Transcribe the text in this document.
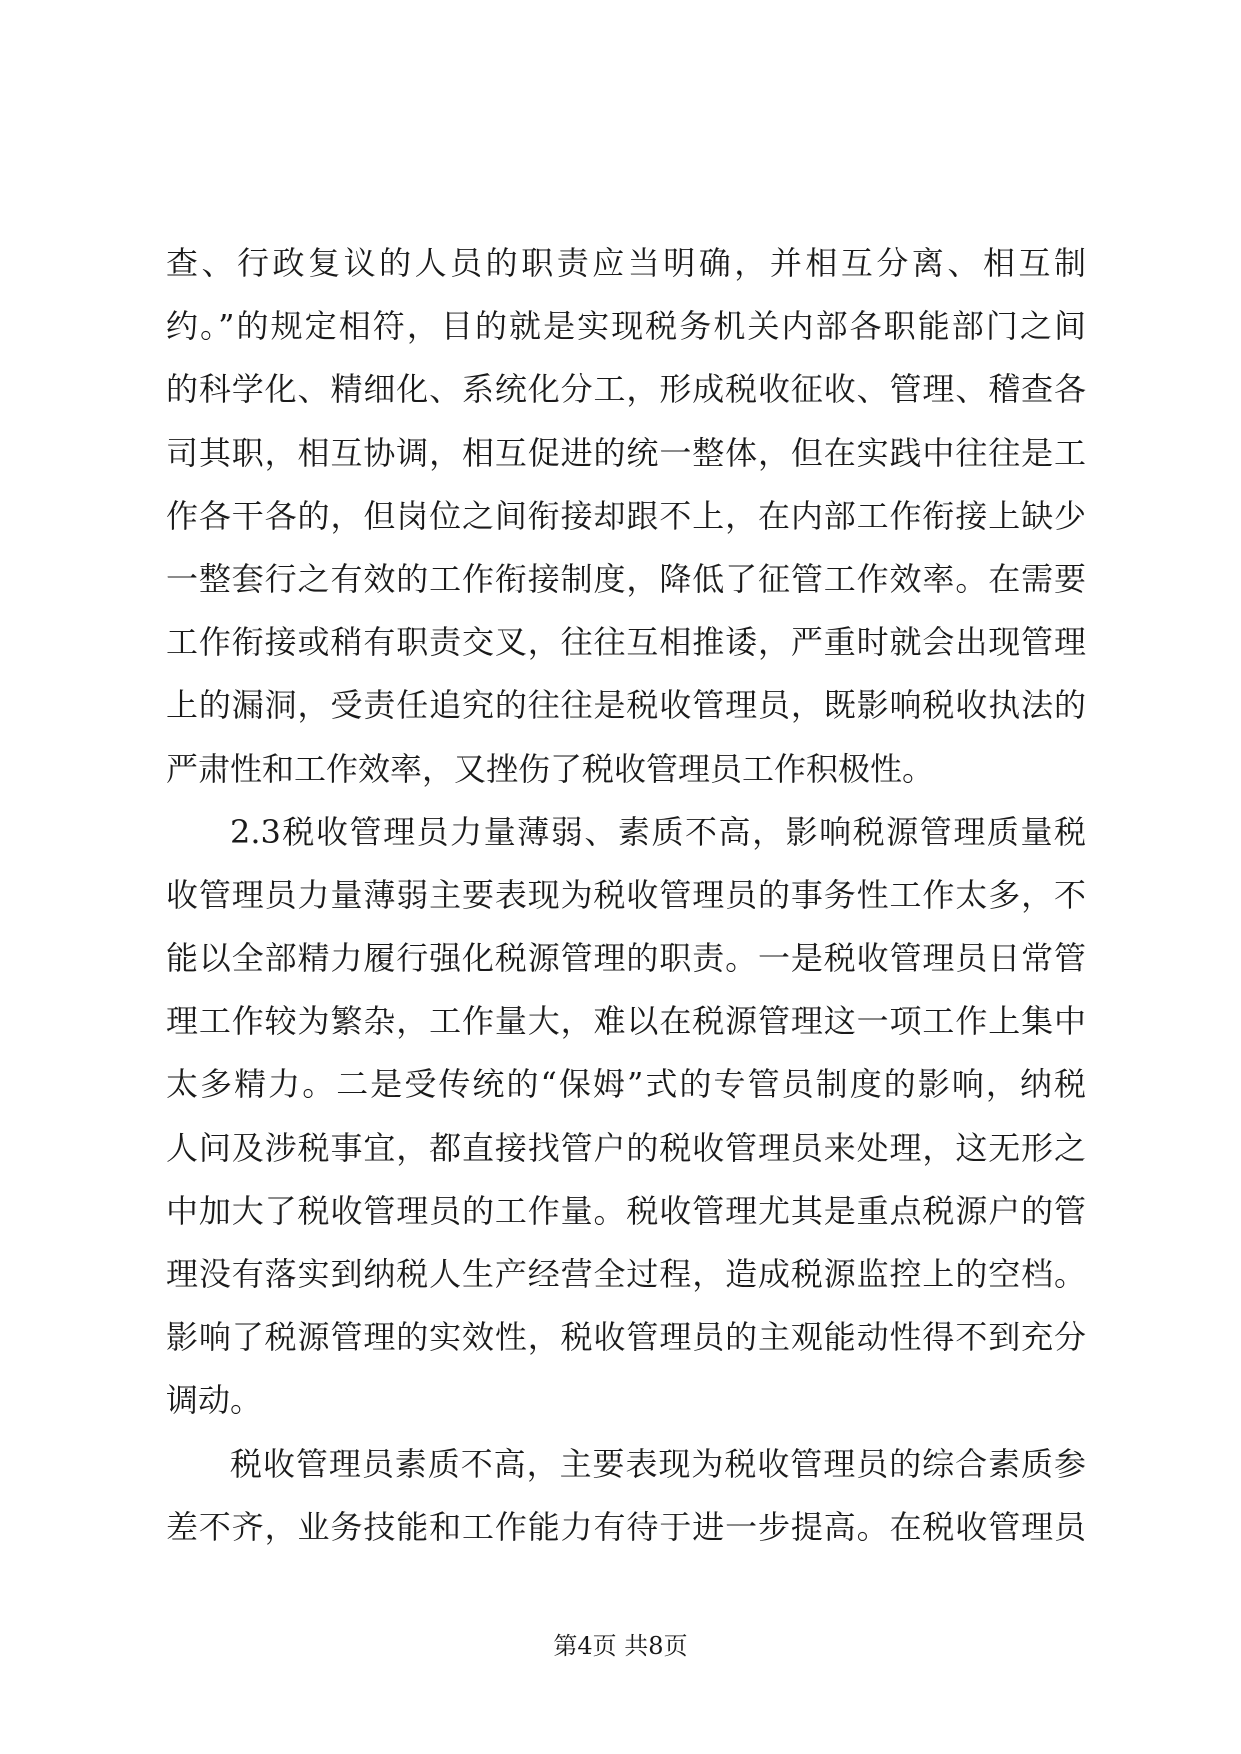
查、行政复议的人员的职责应当明确，并相互分离、相互制
约。”的规定相符，目的就是实现税务机关内部各职能部门之间
的科学化、精细化、系统化分工，形成税收征收、管理、稽查各
司其职，相互协调，相互促进的统一整体，但在实践中往往是工
作各干各的，但岗位之间衔接却跟不上，在内部工作衔接上缺少
一整套行之有效的工作衔接制度，降低了征管工作效率。在需要
工作衔接或稍有职责交叉，往往互相推诿，严重时就会出现管理
上的漏洞，受责任追究的往往是税收管理员，既影响税收执法的
严肃性和工作效率，又挫伤了税收管理员工作积极性。
2.3税收管理员力量薄弱、素质不高，影响税源管理质量税
收管理员力量薄弱主要表现为税收管理员的事务性工作太多，不
能以全部精力履行强化税源管理的职责。一是税收管理员日常管
理工作较为繁杂，工作量大，难以在税源管理这一项工作上集中
太多精力。二是受传统的“保姆”式的专管员制度的影响，纳税
人问及涉税事宜，都直接找管户的税收管理员来处理，这无形之
中加大了税收管理员的工作量。税收管理尤其是重点税源户的管
理没有落实到纳税人生产经营全过程，造成税源监控上的空档。
影响了税源管理的实效性，税收管理员的主观能动性得不到充分
调动。
税收管理员素质不高，主要表现为税收管理员的综合素质参
差不齐，业务技能和工作能力有待于进一步提高。在税收管理员
第4页 共8页
